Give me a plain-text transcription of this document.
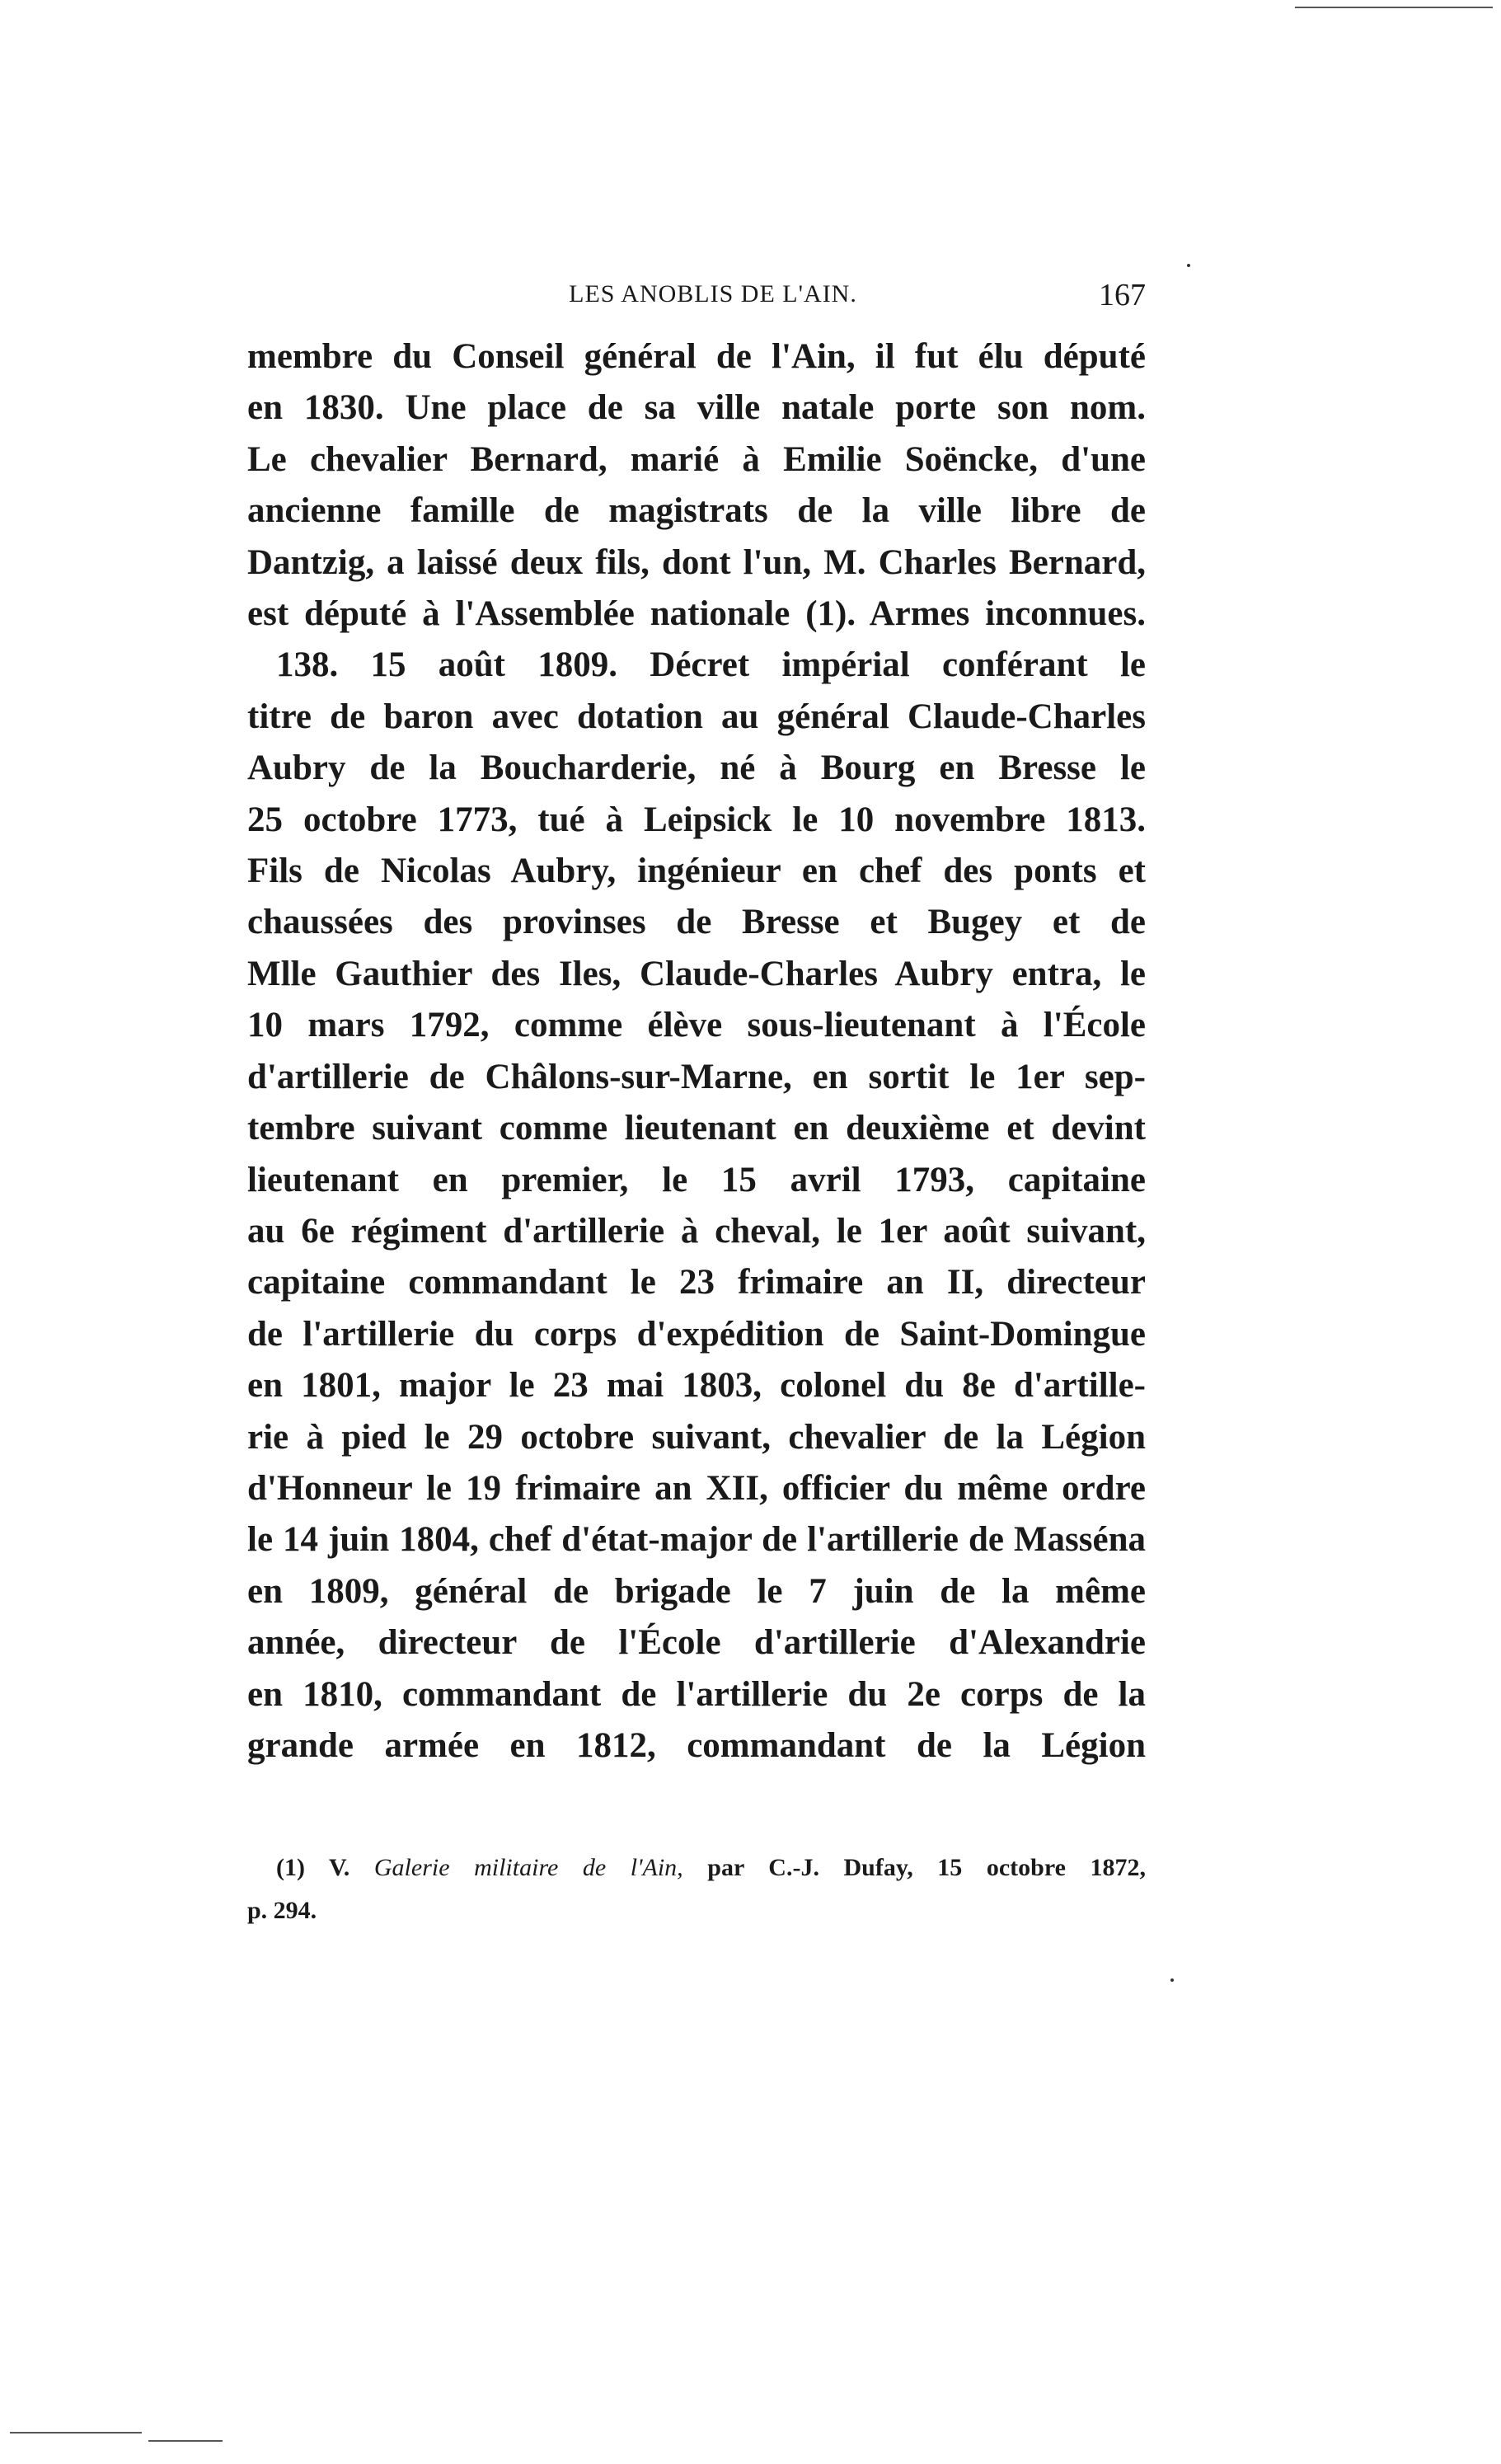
LES ANOBLIS DE L'AIN.	167
membre du Conseil général de l'Ain, il fut élu député
en 1830. Une place de sa ville natale porte son nom.
Le chevalier Bernard, marié à Emilie Soëncke, d'une
ancienne famille de magistrats de la ville libre de
Dantzig, a laissé deux fils, dont l'un, M. Charles Bernard,
est député à l'Assemblée nationale (1). Armes inconnues.
138. 15 août 1809. Décret impérial conférant le
titre de baron avec dotation au général Claude-Charles
Aubry de la Boucharderie, né à Bourg en Bresse le
25 octobre 1773, tué à Leipsick le 10 novembre 1813.
Fils de Nicolas Aubry, ingénieur en chef des ponts et
chaussées des provinses de Bresse et Bugey et de
Mlle Gauthier des Iles, Claude-Charles Aubry entra, le
10 mars 1792, comme élève sous-lieutenant à l'École
d'artillerie de Châlons-sur-Marne, en sortit le 1er sep-
tembre suivant comme lieutenant en deuxième et devint
lieutenant en premier, le 15 avril 1793, capitaine
au 6e régiment d'artillerie à cheval, le 1er août suivant,
capitaine commandant le 23 frimaire an II, directeur
de l'artillerie du corps d'expédition de Saint-Domingue
en 1801, major le 23 mai 1803, colonel du 8e d'artille-
rie à pied le 29 octobre suivant, chevalier de la Légion
d'Honneur le 19 frimaire an XII, officier du même ordre
le 14 juin 1804, chef d'état-major de l'artillerie de Masséna
en 1809, général de brigade le 7 juin de la même
année, directeur de l'École d'artillerie d'Alexandrie
en 1810, commandant de l'artillerie du 2e corps de la
grande armée en 1812, commandant de la Légion
(1) V. Galerie militaire de l'Ain, par C.-J. Dufay, 15 octobre 1872,
p. 294.
